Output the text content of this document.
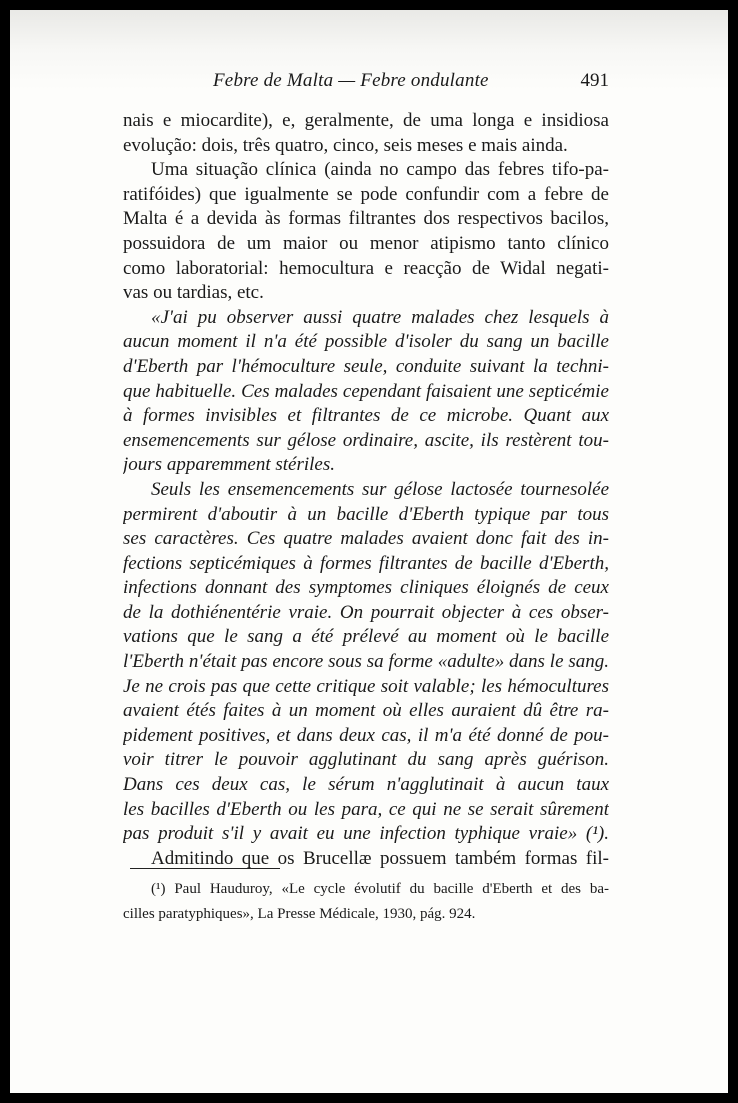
Febre de Malta — Febre ondulante	491
nais e miocardite), e, geralmente, de uma longa e insidiosa
evolução: dois, três quatro, cinco, seis meses e mais ainda.
Uma situação clínica (ainda no campo das febres tifo-pa-
ratifóides) que igualmente se pode confundir com a febre de
Malta é a devida às formas filtrantes dos respectivos bacilos,
possuidora de um maior ou menor atipismo tanto clínico
como laboratorial: hemocultura e reacção de Widal negati-
vas ou tardias, etc.
«J'ai pu observer aussi quatre malades chez lesquels à
aucun moment il n'a été possible d'isoler du sang un bacille
d'Eberth par l'hémoculture seule, conduite suivant la techni-
que habituelle. Ces malades cependant faisaient une septicémie
à formes invisibles et filtrantes de ce microbe. Quant aux
ensemencements sur gélose ordinaire, ascite, ils restèrent tou-
jours apparemment stériles.
Seuls les ensemencements sur gélose lactosée tournesolée
permirent d'aboutir à un bacille d'Eberth typique par tous
ses caractères. Ces quatre malades avaient donc fait des in-
fections septicémiques à formes filtrantes de bacille d'Eberth,
infections donnant des symptomes cliniques éloignés de ceux
de la dothiénentérie vraie. On pourrait objecter à ces obser-
vations que le sang a été prélevé au moment où le bacille
l'Eberth n'était pas encore sous sa forme «adulte» dans le sang.
Je ne crois pas que cette critique soit valable; les hémocultures
avaient étés faites à un moment où elles auraient dû être ra-
pidement positives, et dans deux cas, il m'a été donné de pou-
voir titrer le pouvoir agglutinant du sang après guérison.
Dans ces deux cas, le sérum n'agglutinait à aucun taux
les bacilles d'Eberth ou les para, ce qui ne se serait sûrement
pas produit s'il y avait eu une infection typhique vraie» (¹).
Admitindo que os Brucellæ possuem também formas fil-
(¹) Paul Hauduroy, «Le cycle évolutif du bacille d'Eberth et des ba-
cilles paratyphiques», La Presse Médicale, 1930, pág. 924.
